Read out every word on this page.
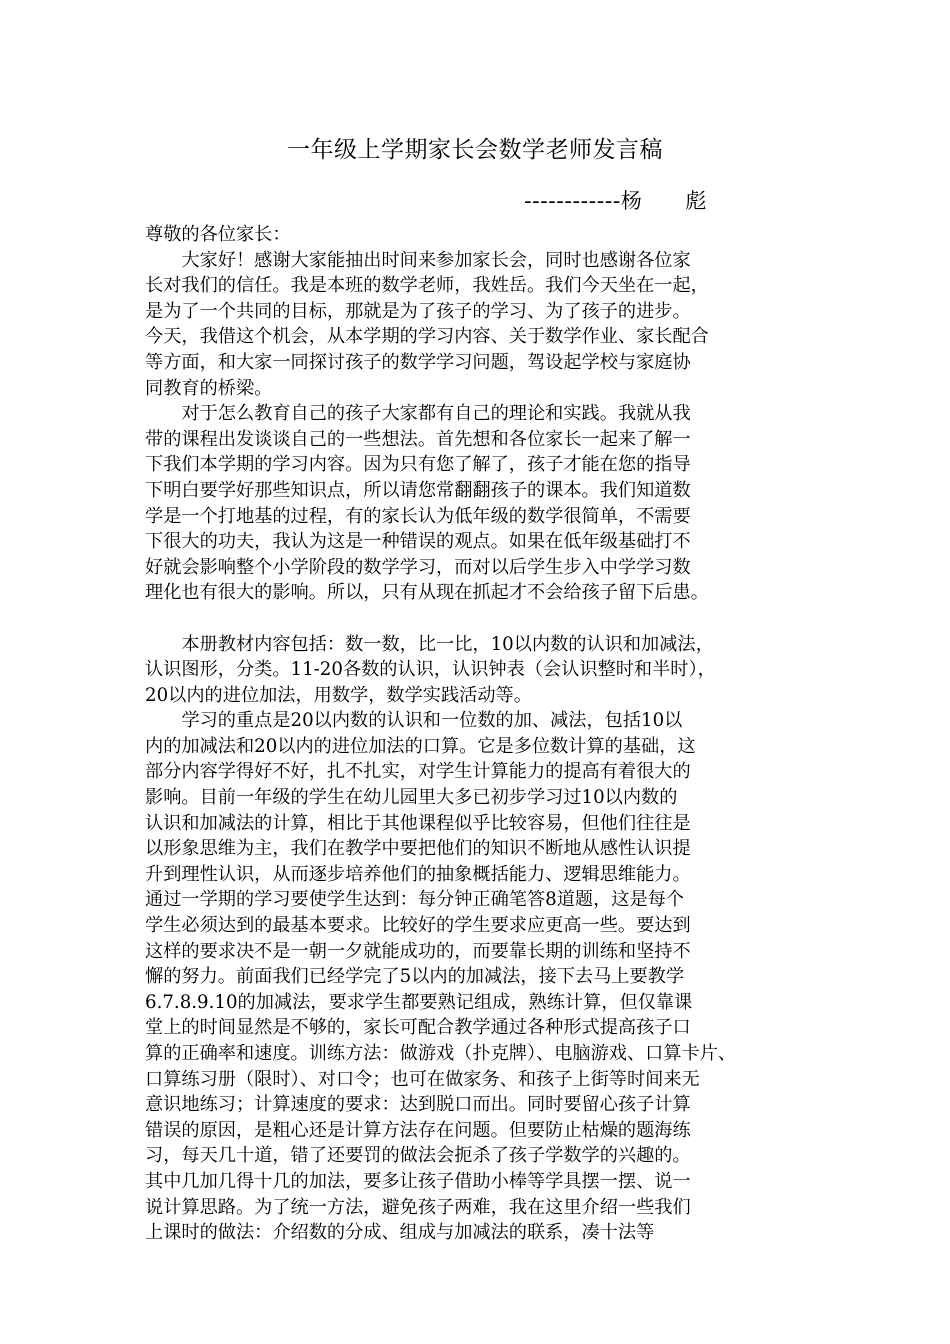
一年级上学期家长会数学老师发言稿
------------杨　　彪
尊敬的各位家长：
　　大家好！感谢大家能抽出时间来参加家长会，同时也感谢各位家
长对我们的信任。我是本班的数学老师，我姓岳。我们今天坐在一起，
是为了一个共同的目标，那就是为了孩子的学习、为了孩子的进步。
今天，我借这个机会，从本学期的学习内容、关于数学作业、家长配合
等方面，和大家一同探讨孩子的数学学习问题，驾设起学校与家庭协
同教育的桥梁。
　　对于怎么教育自己的孩子大家都有自己的理论和实践。我就从我
带的课程出发谈谈自己的一些想法。首先想和各位家长一起来了解一
下我们本学期的学习内容。因为只有您了解了，孩子才能在您的指导
下明白要学好那些知识点，所以请您常翻翻孩子的课本。我们知道数
学是一个打地基的过程，有的家长认为低年级的数学很简单，不需要
下很大的功夫，我认为这是一种错误的观点。如果在低年级基础打不
好就会影响整个小学阶段的数学学习，而对以后学生步入中学学习数
理化也有很大的影响。所以，只有从现在抓起才不会给孩子留下后患。
　　本册教材内容包括：数一数，比一比，10以内数的认识和加减法，
认识图形，分类。11-20各数的认识，认识钟表（会认识整时和半时），
20以内的进位加法，用数学，数学实践活动等。
　　学习的重点是20以内数的认识和一位数的加、减法，包括10以
内的加减法和20以内的进位加法的口算。它是多位数计算的基础，这
部分内容学得好不好，扎不扎实，对学生计算能力的提高有着很大的
影响。目前一年级的学生在幼儿园里大多已初步学习过10以内数的
认识和加减法的计算，相比于其他课程似乎比较容易，但他们往往是
以形象思维为主，我们在教学中要把他们的知识不断地从感性认识提
升到理性认识，从而逐步培养他们的抽象概括能力、逻辑思维能力。
通过一学期的学习要使学生达到：每分钟正确笔答8道题，这是每个
学生必须达到的最基本要求。比较好的学生要求应更高一些。要达到
这样的要求决不是一朝一夕就能成功的，而要靠长期的训练和坚持不
懈的努力。前面我们已经学完了5以内的加减法，接下去马上要教学
6.7.8.9.10的加减法，要求学生都要熟记组成，熟练计算，但仅靠课
堂上的时间显然是不够的，家长可配合教学通过各种形式提高孩子口
算的正确率和速度。训练方法：做游戏（扑克牌）、电脑游戏、口算卡片、
口算练习册（限时）、对口令；也可在做家务、和孩子上街等时间来无
意识地练习；计算速度的要求：达到脱口而出。同时要留心孩子计算
错误的原因，是粗心还是计算方法存在问题。但要防止枯燥的题海练
习，每天几十道，错了还要罚的做法会扼杀了孩子学数学的兴趣的。
其中几加几得十几的加法，要多让孩子借助小棒等学具摆一摆、说一
说计算思路。为了统一方法，避免孩子两难，我在这里介绍一些我们
上课时的做法：介绍数的分成、组成与加减法的联系，凑十法等
